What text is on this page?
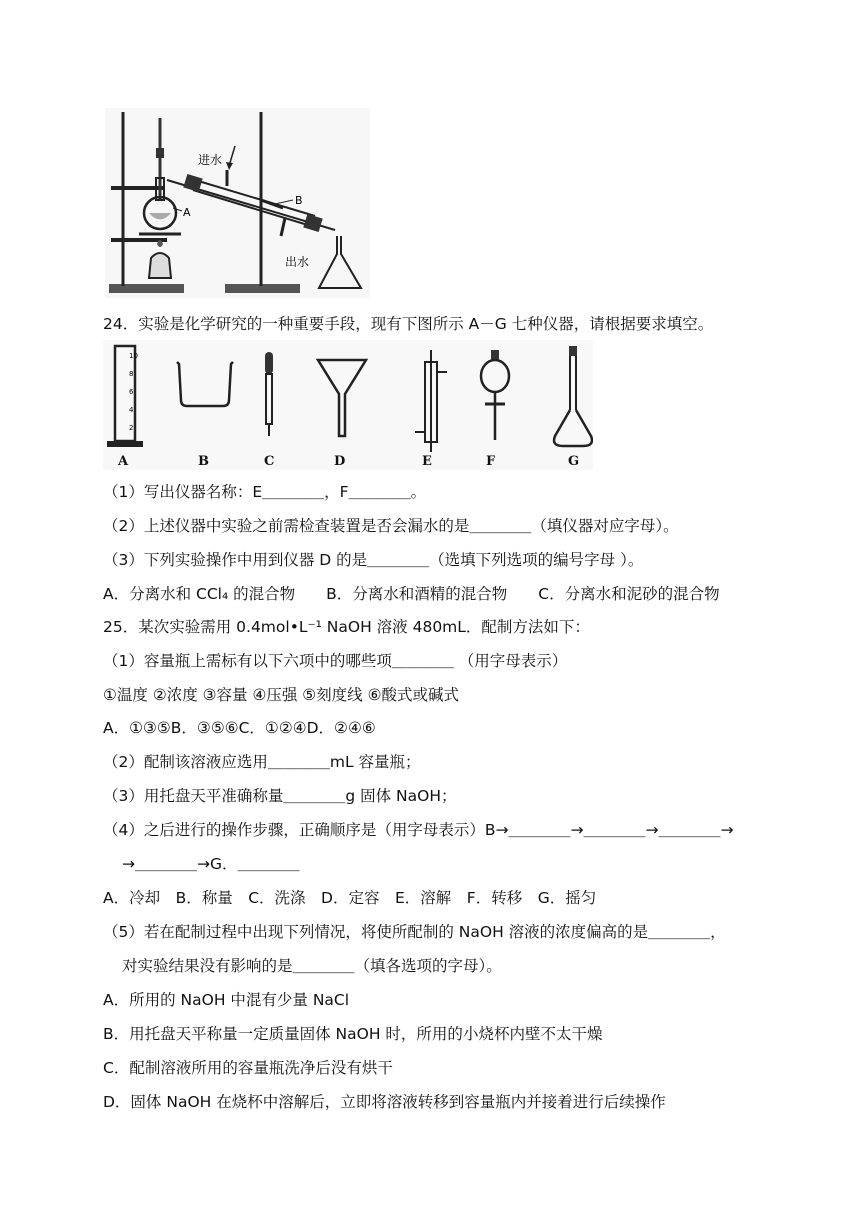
进水
出水
A
B
10
8
6
4
2
A	B	C	D	E	F	G
24．实验是化学研究的一种重要手段，现有下图所示 A－G 七种仪器，请根据要求填空。
（1）写出仪器名称：E＿＿＿＿，F＿＿＿＿。
（2）上述仪器中实验之前需检查装置是否会漏水的是＿＿＿＿（填仪器对应字母）。
（3）下列实验操作中用到仪器 D 的是＿＿＿＿（选填下列选项的编号字母 ）。
A．分离水和 CCl₄ 的混合物　　B．分离水和酒精的混合物　　C．分离水和泥砂的混合物
25．某次实验需用 0.4mol•L⁻¹ NaOH 溶液 480mL．配制方法如下：
（1）容量瓶上需标有以下六项中的哪些项＿＿＿＿ （用字母表示）
①温度 ②浓度 ③容量 ④压强 ⑤刻度线 ⑥酸式或碱式
A．①③⑤B．③⑤⑥C．①②④D．②④⑥
（2）配制该溶液应选用＿＿＿＿mL 容量瓶；
（3）用托盘天平准确称量＿＿＿＿g 固体 NaOH；
（4）之后进行的操作步骤，正确顺序是（用字母表示）B→＿＿＿＿→＿＿＿＿→＿＿＿＿→
→＿＿＿＿→G．＿＿＿＿
A．冷却　B．称量　C．洗涤　D．定容　E．溶解　F．转移　G．摇匀
（5）若在配制过程中出现下列情况，将使所配制的 NaOH 溶液的浓度偏高的是＿＿＿＿，
对实验结果没有影响的是＿＿＿＿（填各选项的字母）。
A．所用的 NaOH 中混有少量 NaCl
B．用托盘天平称量一定质量固体 NaOH 时，所用的小烧杯内壁不太干燥
C．配制溶液所用的容量瓶洗净后没有烘干
D．固体 NaOH 在烧杯中溶解后，立即将溶液转移到容量瓶内并接着进行后续操作
